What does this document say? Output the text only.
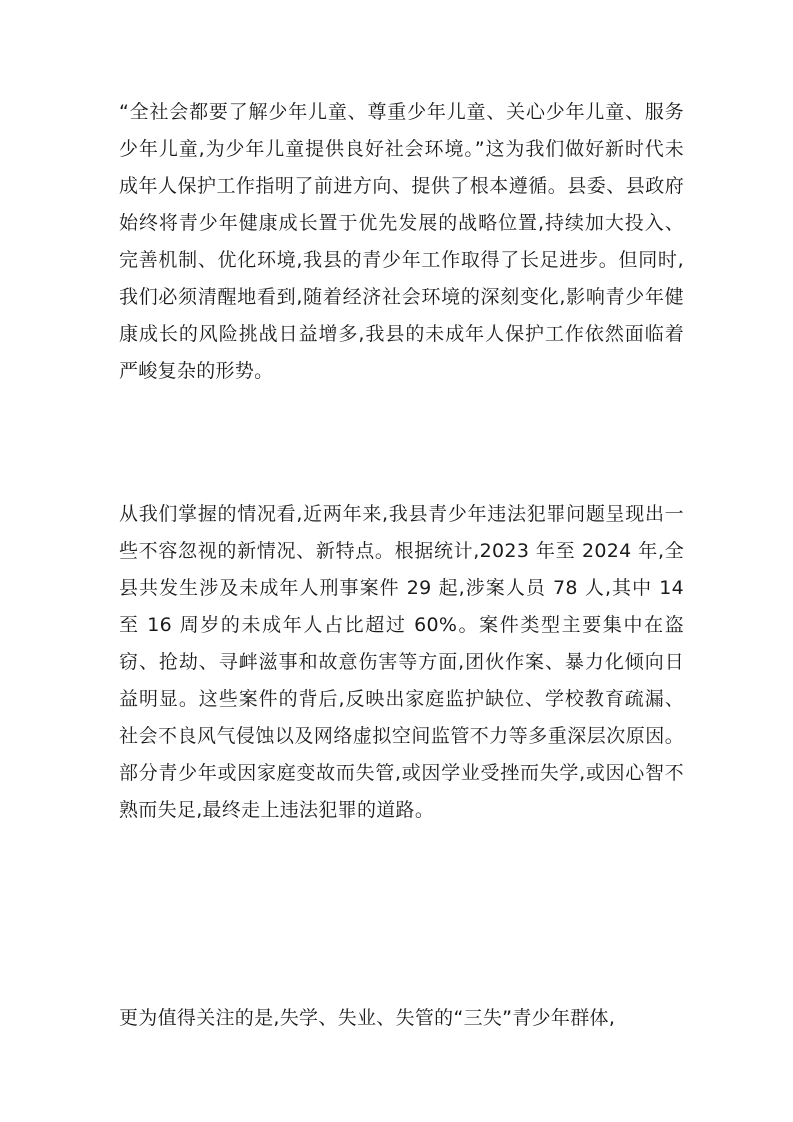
“全社会都要了解少年儿童、尊重少年儿童、关心少年儿童、服务少年儿童,为少年儿童提供良好社会环境。”这为我们做好新时代未成年人保护工作指明了前进方向、提供了根本遵循。县委、县政府始终将青少年健康成长置于优先发展的战略位置,持续加大投入、完善机制、优化环境,我县的青少年工作取得了长足进步。但同时,我们必须清醒地看到,随着经济社会环境的深刻变化,影响青少年健康成长的风险挑战日益增多,我县的未成年人保护工作依然面临着严峻复杂的形势。

从我们掌握的情况看,近两年来,我县青少年违法犯罪问题呈现出一些不容忽视的新情况、新特点。根据统计,2023 年至 2024 年,全县共发生涉及未成年人刑事案件 29 起,涉案人员 78 人,其中 14 至 16 周岁的未成年人占比超过 60%。案件类型主要集中在盗窃、抢劫、寻衅滋事和故意伤害等方面,团伙作案、暴力化倾向日益明显。这些案件的背后,反映出家庭监护缺位、学校教育疏漏、社会不良风气侵蚀以及网络虚拟空间监管不力等多重深层次原因。部分青少年或因家庭变故而失管,或因学业受挫而失学,或因心智不熟而失足,最终走上违法犯罪的道路。

更为值得关注的是,失学、失业、失管的“三失”青少年群体,
